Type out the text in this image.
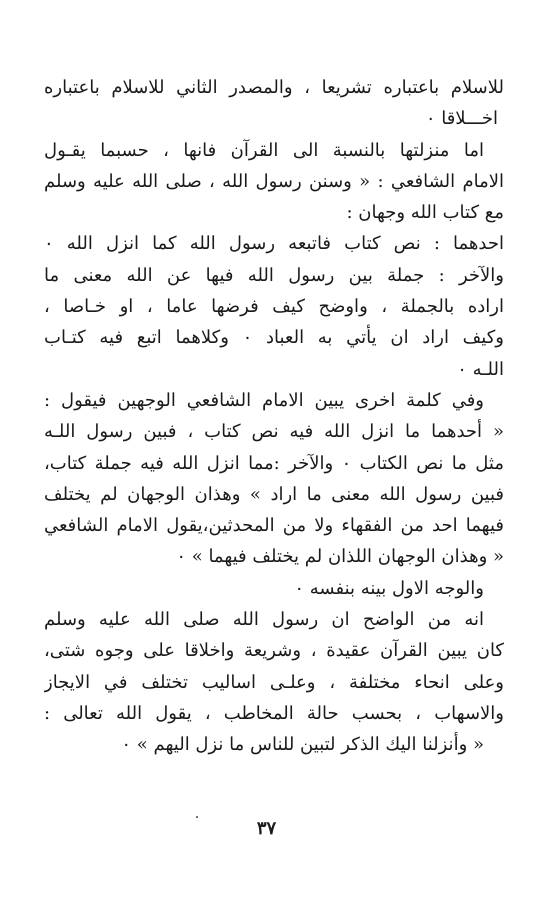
للاسلام باعتباره تشريعا ، والمصدر الثاني للاسلام باعتباره
اخـــلاقا ٠
اما منزلتها بالنسبة الى القرآن فانها ، حسبما يقـول
الامام الشافعي : « وسنن رسول الله ، صلى الله عليه وسلم
مع كتاب الله وجهان :
احدهما : نص كتاب فاتبعه رسول الله كما انزل الله ٠
والآخر : جملة بين رسول الله فيها عن الله معنى ما
اراده بالجملة ، واوضح كيف فرضها عاما ، او خـاصا ،
وكيف اراد ان يأتي به العباد ٠ وكلاهما اتبع فيه كتـاب
اللـه ٠
وفي كلمة اخرى يبين الامام الشافعي الوجهين فيقول :
« أحدهما ما انزل الله فيه نص كتاب ، فبين رسول اللـه
مثل ما نص الكتاب ٠ والآخر :مما انزل الله فيه جملة كتاب،
فبين رسول الله معنى ما اراد » وهذان الوجهان لم يختلف
فيهما احد من الفقهاء ولا من المحدثين،يقول الامام الشافعي
« وهذان الوجهان اللذان لم يختلف فيهما » ٠
والوجه الاول بينه بنفسه ٠
انه من الواضح ان رسول الله صلى الله عليه وسلم
كان يبين القرآن عقيدة ، وشريعة واخلاقا على وجوه شتى،
وعلى انحاء مختلفة ، وعلـى اساليب تختلف في الايجاز
والاسهاب ، بحسب حالة المخاطب ، يقول الله تعالى :
« وأنزلنا اليك الذكر لتبين للناس ما نزل اليهم » ٠
٣٧
